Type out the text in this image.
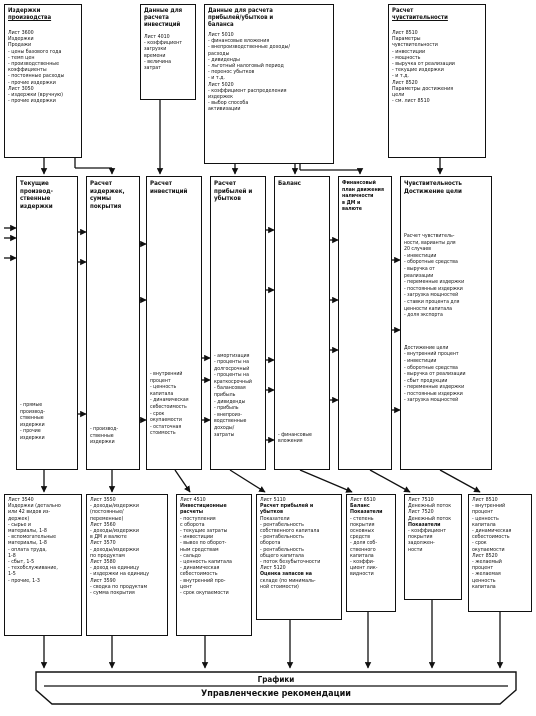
Издержки
производства
Лист 3600
Издержки
Продажи
- цены базового года
- темп цен
- производственные
коэффициенты
- постоянные расходы
- прочие издержки
Лист 3050
- издержки (вручную)
- прочие издержки
Данные для
расчета
инвестиций
Лист 4010
- коэффициент
загрузки
времени
- величина
затрат
Данные для расчета
прибылей/убытков и
баланса
Лист 5010
- финансовые вложения
- внепроизводственные доходы/
расходы
- дивиденды
- льготный налоговый период
- перенос убытков
- и т.д.
Лист 5020
- коэффициент распределения
издержек
- выбор способа
активизации
Расчет
чувствительности
Лист 8510
Параметры
чувствительности
- инвестиции
- мощность
- выручка от реализации
- текущие издержки
- и т.д.
Лист 8520
Параметры достижения
цели
- см. лист 8510
Текущие
производ-
ственные
издержки
- прямые
производ-
ственные
издержки
- прочие
издержки
Расчет
издержек,
суммы
покрытия
- производ-
ственные
издержки
Расчет
инвестиций
- внутренний
процент
- ценность
капитала
- динамическая
себестоимость
- срок
окупаемости
- остаточная
стоимость
Расчет
прибылей и
убытков
- амортизация
- проценты на
долгосрочный
- проценты на
краткосрочный
- балансовая
прибыль
- дивиденды
- прибыль
- внепроиз-
водственные
доходы/
затраты
Баланс
- финансовые
вложения
Финансовый
план движения
наличности
в ДМ и
валюте
Чувствительность
Достижение цели
Расчет чувствитель-
ности, варианты для
20 случаев
- инвестиции
- оборотные средства
- выручка от
реализации
- переменные издержки
- постоянные издержки
- загрузка мощностей
- ставки процента для
ценности капитала
- доля экспорта
Достижение цели
- внутренний процент
- инвестиции
- оборотные средства
- выручка от реализации
- сбыт продукции
- переменные издержки
- постоянные издержки
- загрузка мощностей
Лист 3540
Издержки (детально
или 42 видов из-
держек)
- сырье и
материалы, 1-8
- вспомогательные
материалы, 1-8
- оплата труда,
1-8
- сбыт, 1-5
- техобслуживание,
1-5
- прочие, 1-3
Лист 3550
- доходы/издержки
(постоянные/
переменные)
Лист 3560
- доходы/издержки
в ДМ и валюте
Лист 3570
- доходы/издержки
по продуктам
Лист 3580
- доход на единицу
- издержки на единицу
Лист 3590
- сводка по продуктам
- сумма покрытия
Лист 4510
Инвестиционные
расчеты
- поступления
с оборота
- текущие затраты
- инвестиции
- вывоз по оборот-
ным средствам
- сальдо
- ценность капитала
- динамическая
себестоимость
- внутренний про-
цент
- срок окупаемости
Лист 5110
Расчет прибылей и
убытков
Показатели
- рентабельность
собственного капитала
- рентабельность
оборота
- рентабельность
общего капитала
- поток безубыточности
Лист 5120
Оценка запасов на
складе (по минималь-
ной стоимости)
Лист 6510
Баланс
Показатели
- степень
покрытия
основных
средств
- доля соб-
ственного
капитала
- коэффи-
циент лик-
видности
Лист 7510
Денежный поток
Лист 7520
Денежный поток
Показатели
- коэффициент
покрытия
задолжен-
ности
Лист 8510
- внутренний
процент
- ценность
капитала
- динамическая
себестоимость
- срок
окупаемости
Лист 8520
- желаемый
процент
- желаемая
ценность
капитала
Графики
Управленческие рекомендации
